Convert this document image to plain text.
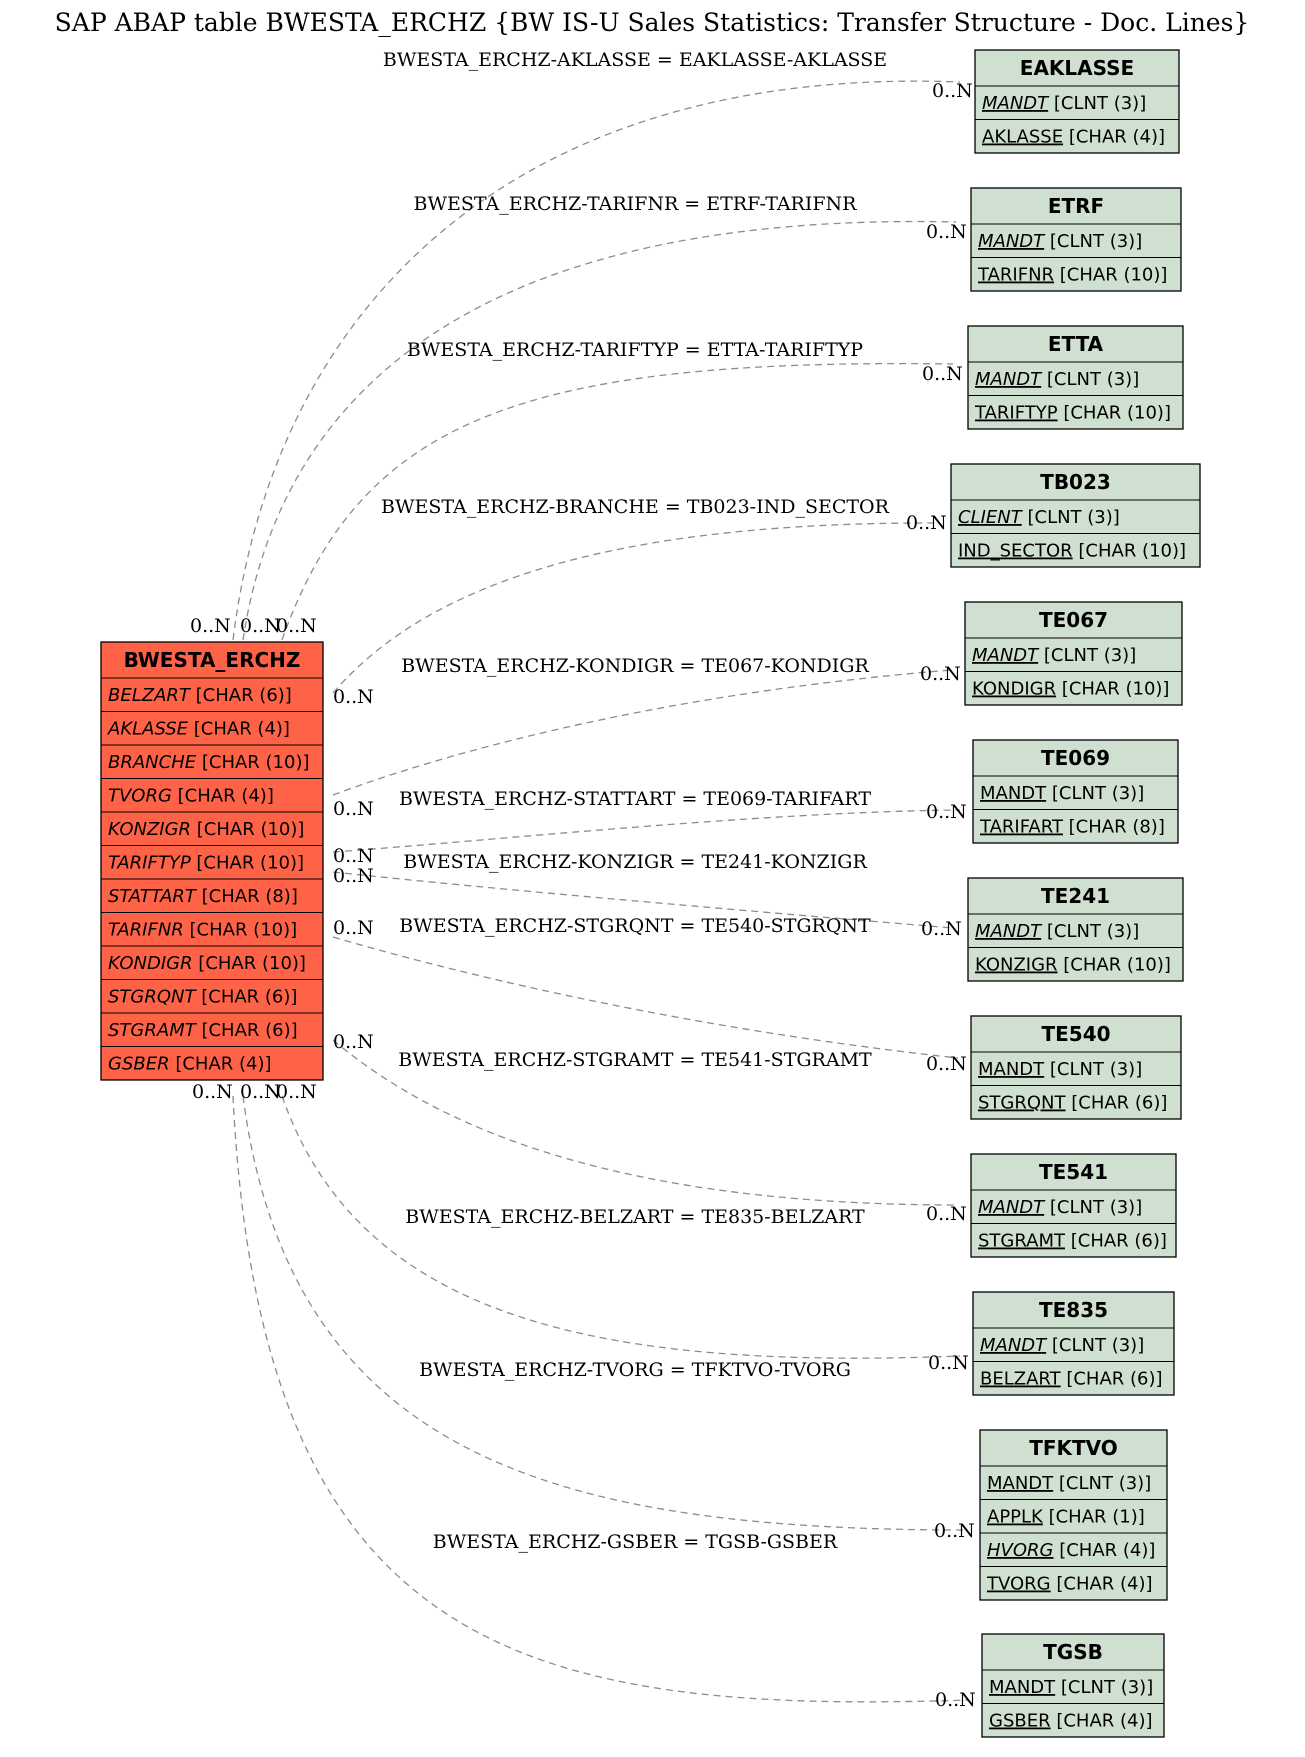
SAP ABAP table BWESTA_ERCHZ {BW IS-U Sales Statistics: Transfer Structure - Doc. Lines}
BWESTA_ERCHZ
BELZART [CHAR (6)]
AKLASSE [CHAR (4)]
BRANCHE [CHAR (10)]
TVORG [CHAR (4)]
KONZIGR [CHAR (10)]
TARIFTYP [CHAR (10)]
STATTART [CHAR (8)]
TARIFNR [CHAR (10)]
KONDIGR [CHAR (10)]
STGRQNT [CHAR (6)]
STGRAMT [CHAR (6)]
GSBER [CHAR (4)]
EAKLASSE
MANDT [CLNT (3)]
AKLASSE [CHAR (4)]
ETRF
MANDT [CLNT (3)]
TARIFNR [CHAR (10)]
ETTA
MANDT [CLNT (3)]
TARIFTYP [CHAR (10)]
TB023
CLIENT [CLNT (3)]
IND_SECTOR [CHAR (10)]
TE067
MANDT [CLNT (3)]
KONDIGR [CHAR (10)]
TE069
MANDT [CLNT (3)]
TARIFART [CHAR (8)]
TE241
MANDT [CLNT (3)]
KONZIGR [CHAR (10)]
TE540
MANDT [CLNT (3)]
STGRQNT [CHAR (6)]
TE541
MANDT [CLNT (3)]
STGRAMT [CHAR (6)]
TE835
MANDT [CLNT (3)]
BELZART [CHAR (6)]
TFKTVO
MANDT [CLNT (3)]
APPLK [CHAR (1)]
HVORG [CHAR (4)]
TVORG [CHAR (4)]
TGSB
MANDT [CLNT (3)]
GSBER [CHAR (4)]
BWESTA_ERCHZ-AKLASSE = EAKLASSE-AKLASSE
0..N
BWESTA_ERCHZ-TARIFNR = ETRF-TARIFNR
0..N
BWESTA_ERCHZ-TARIFTYP = ETTA-TARIFTYP
0..N
BWESTA_ERCHZ-BRANCHE = TB023-IND_SECTOR
0..N
0..N
BWESTA_ERCHZ-KONDIGR = TE067-KONDIGR	0..N
0..N BWESTA_ERCHZ-STATTART = TE069-TARIFART
0..N
0..N BWESTA_ERCHZ-KONZIGR = TE241-KONZIGR
0..N
0..N
BWESTA_ERCHZ-STGRQNT = TE540-STGRQNT
0..N
0..N
BWESTA_ERCHZ-STGRAMT = TE541-STGRAMT
0..N
0..N
BWESTA_ERCHZ-BELZART = TE835-BELZART
0..N
BWESTA_ERCHZ-TVORG = TFKTVO-TVORG
0..N
BWESTA_ERCHZ-GSBER = TGSB-GSBER
0..N
0..N 0..N
0..N
0..N 0..N
0..N
